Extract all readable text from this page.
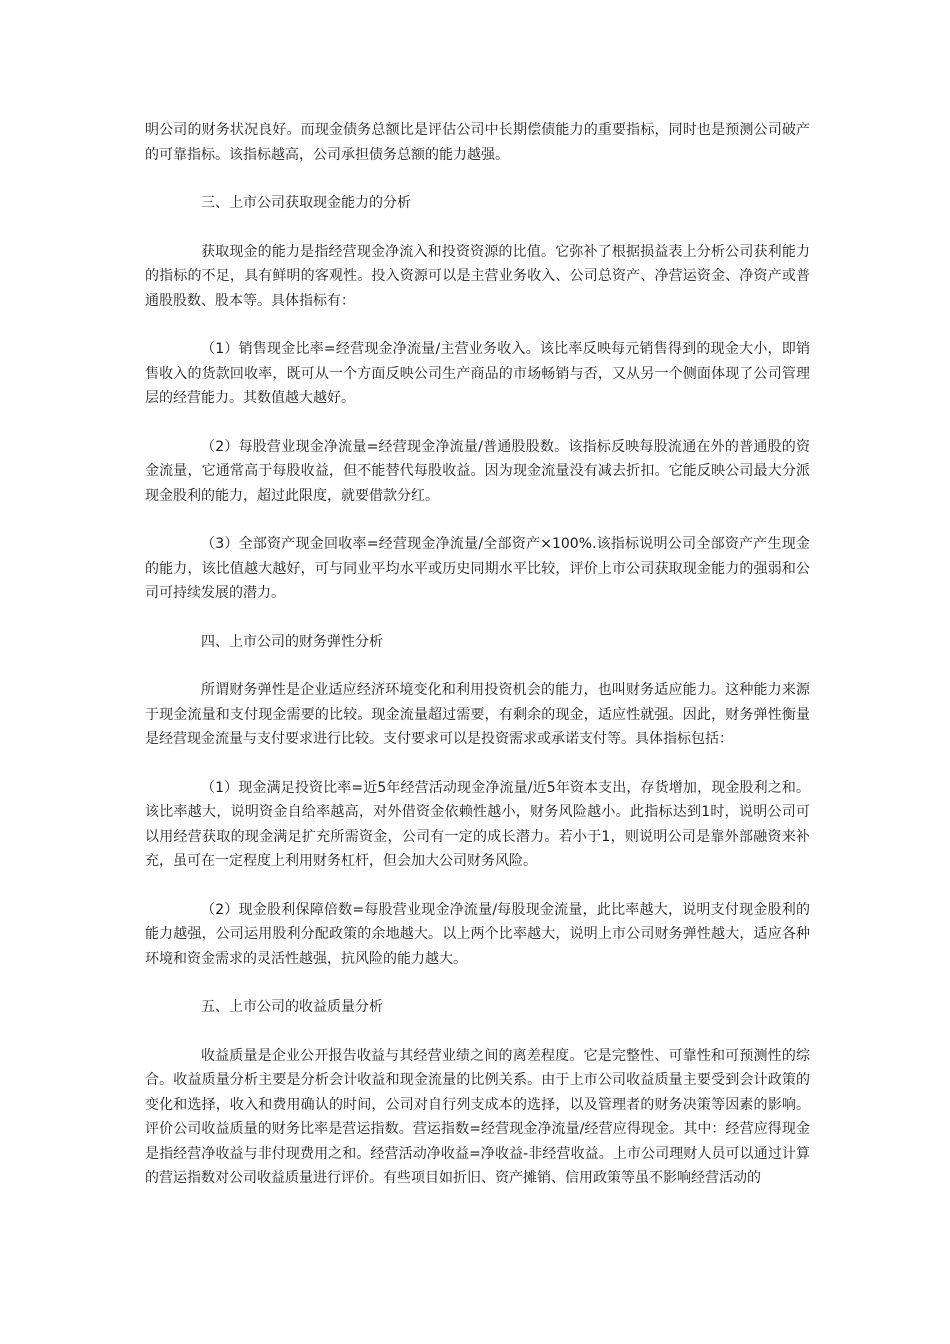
明公司的财务状况良好。而现金债务总额比是评估公司中长期偿债能力的重要指标，同时也是预测公司破产的可靠指标。该指标越高，公司承担债务总额的能力越强。

三、上市公司获取现金能力的分析

获取现金的能力是指经营现金净流入和投资资源的比值。它弥补了根据损益表上分析公司获利能力的指标的不足，具有鲜明的客观性。投入资源可以是主营业务收入、公司总资产、净营运资金、净资产或普通股股数、股本等。具体指标有：

（1）销售现金比率=经营现金净流量/主营业务收入。该比率反映每元销售得到的现金大小，即销售收入的货款回收率，既可从一个方面反映公司生产商品的市场畅销与否，又从另一个侧面体现了公司管理层的经营能力。其数值越大越好。

（2）每股营业现金净流量=经营现金净流量/普通股股数。该指标反映每股流通在外的普通股的资金流量，它通常高于每股收益，但不能替代每股收益。因为现金流量没有减去折扣。它能反映公司最大分派现金股利的能力，超过此限度，就要借款分红。

（3）全部资产现金回收率=经营现金净流量/全部资产×100%.该指标说明公司全部资产产生现金的能力，该比值越大越好，可与同业平均水平或历史同期水平比较，评价上市公司获取现金能力的强弱和公司可持续发展的潜力。

四、上市公司的财务弹性分析

所谓财务弹性是企业适应经济环境变化和利用投资机会的能力，也叫财务适应能力。这种能力来源于现金流量和支付现金需要的比较。现金流量超过需要，有剩余的现金，适应性就强。因此，财务弹性衡量是经营现金流量与支付要求进行比较。支付要求可以是投资需求或承诺支付等。具体指标包括：

（1）现金满足投资比率=近5年经营活动现金净流量/近5年资本支出，存货增加，现金股利之和。该比率越大，说明资金自给率越高，对外借资金依赖性越小，财务风险越小。此指标达到1时，说明公司可以用经营获取的现金满足扩充所需资金，公司有一定的成长潜力。若小于1，则说明公司是靠外部融资来补充，虽可在一定程度上利用财务杠杆，但会加大公司财务风险。

（2）现金股利保障倍数=每股营业现金净流量/每股现金流量，此比率越大，说明支付现金股利的能力越强，公司运用股利分配政策的余地越大。以上两个比率越大，说明上市公司财务弹性越大，适应各种环境和资金需求的灵活性越强，抗风险的能力越大。

五、上市公司的收益质量分析

收益质量是企业公开报告收益与其经营业绩之间的离差程度。它是完整性、可靠性和可预测性的综合。收益质量分析主要是分析会计收益和现金流量的比例关系。由于上市公司收益质量主要受到会计政策的变化和选择，收入和费用确认的时间，公司对自行列支成本的选择，以及管理者的财务决策等因素的影响。评价公司收益质量的财务比率是营运指数。营运指数=经营现金净流量/经营应得现金。其中：经营应得现金是指经营净收益与非付现费用之和。经营活动净收益=净收益-非经营收益。上市公司理财人员可以通过计算的营运指数对公司收益质量进行评价。有些项目如折旧、资产摊销、信用政策等虽不影响经营活动的
